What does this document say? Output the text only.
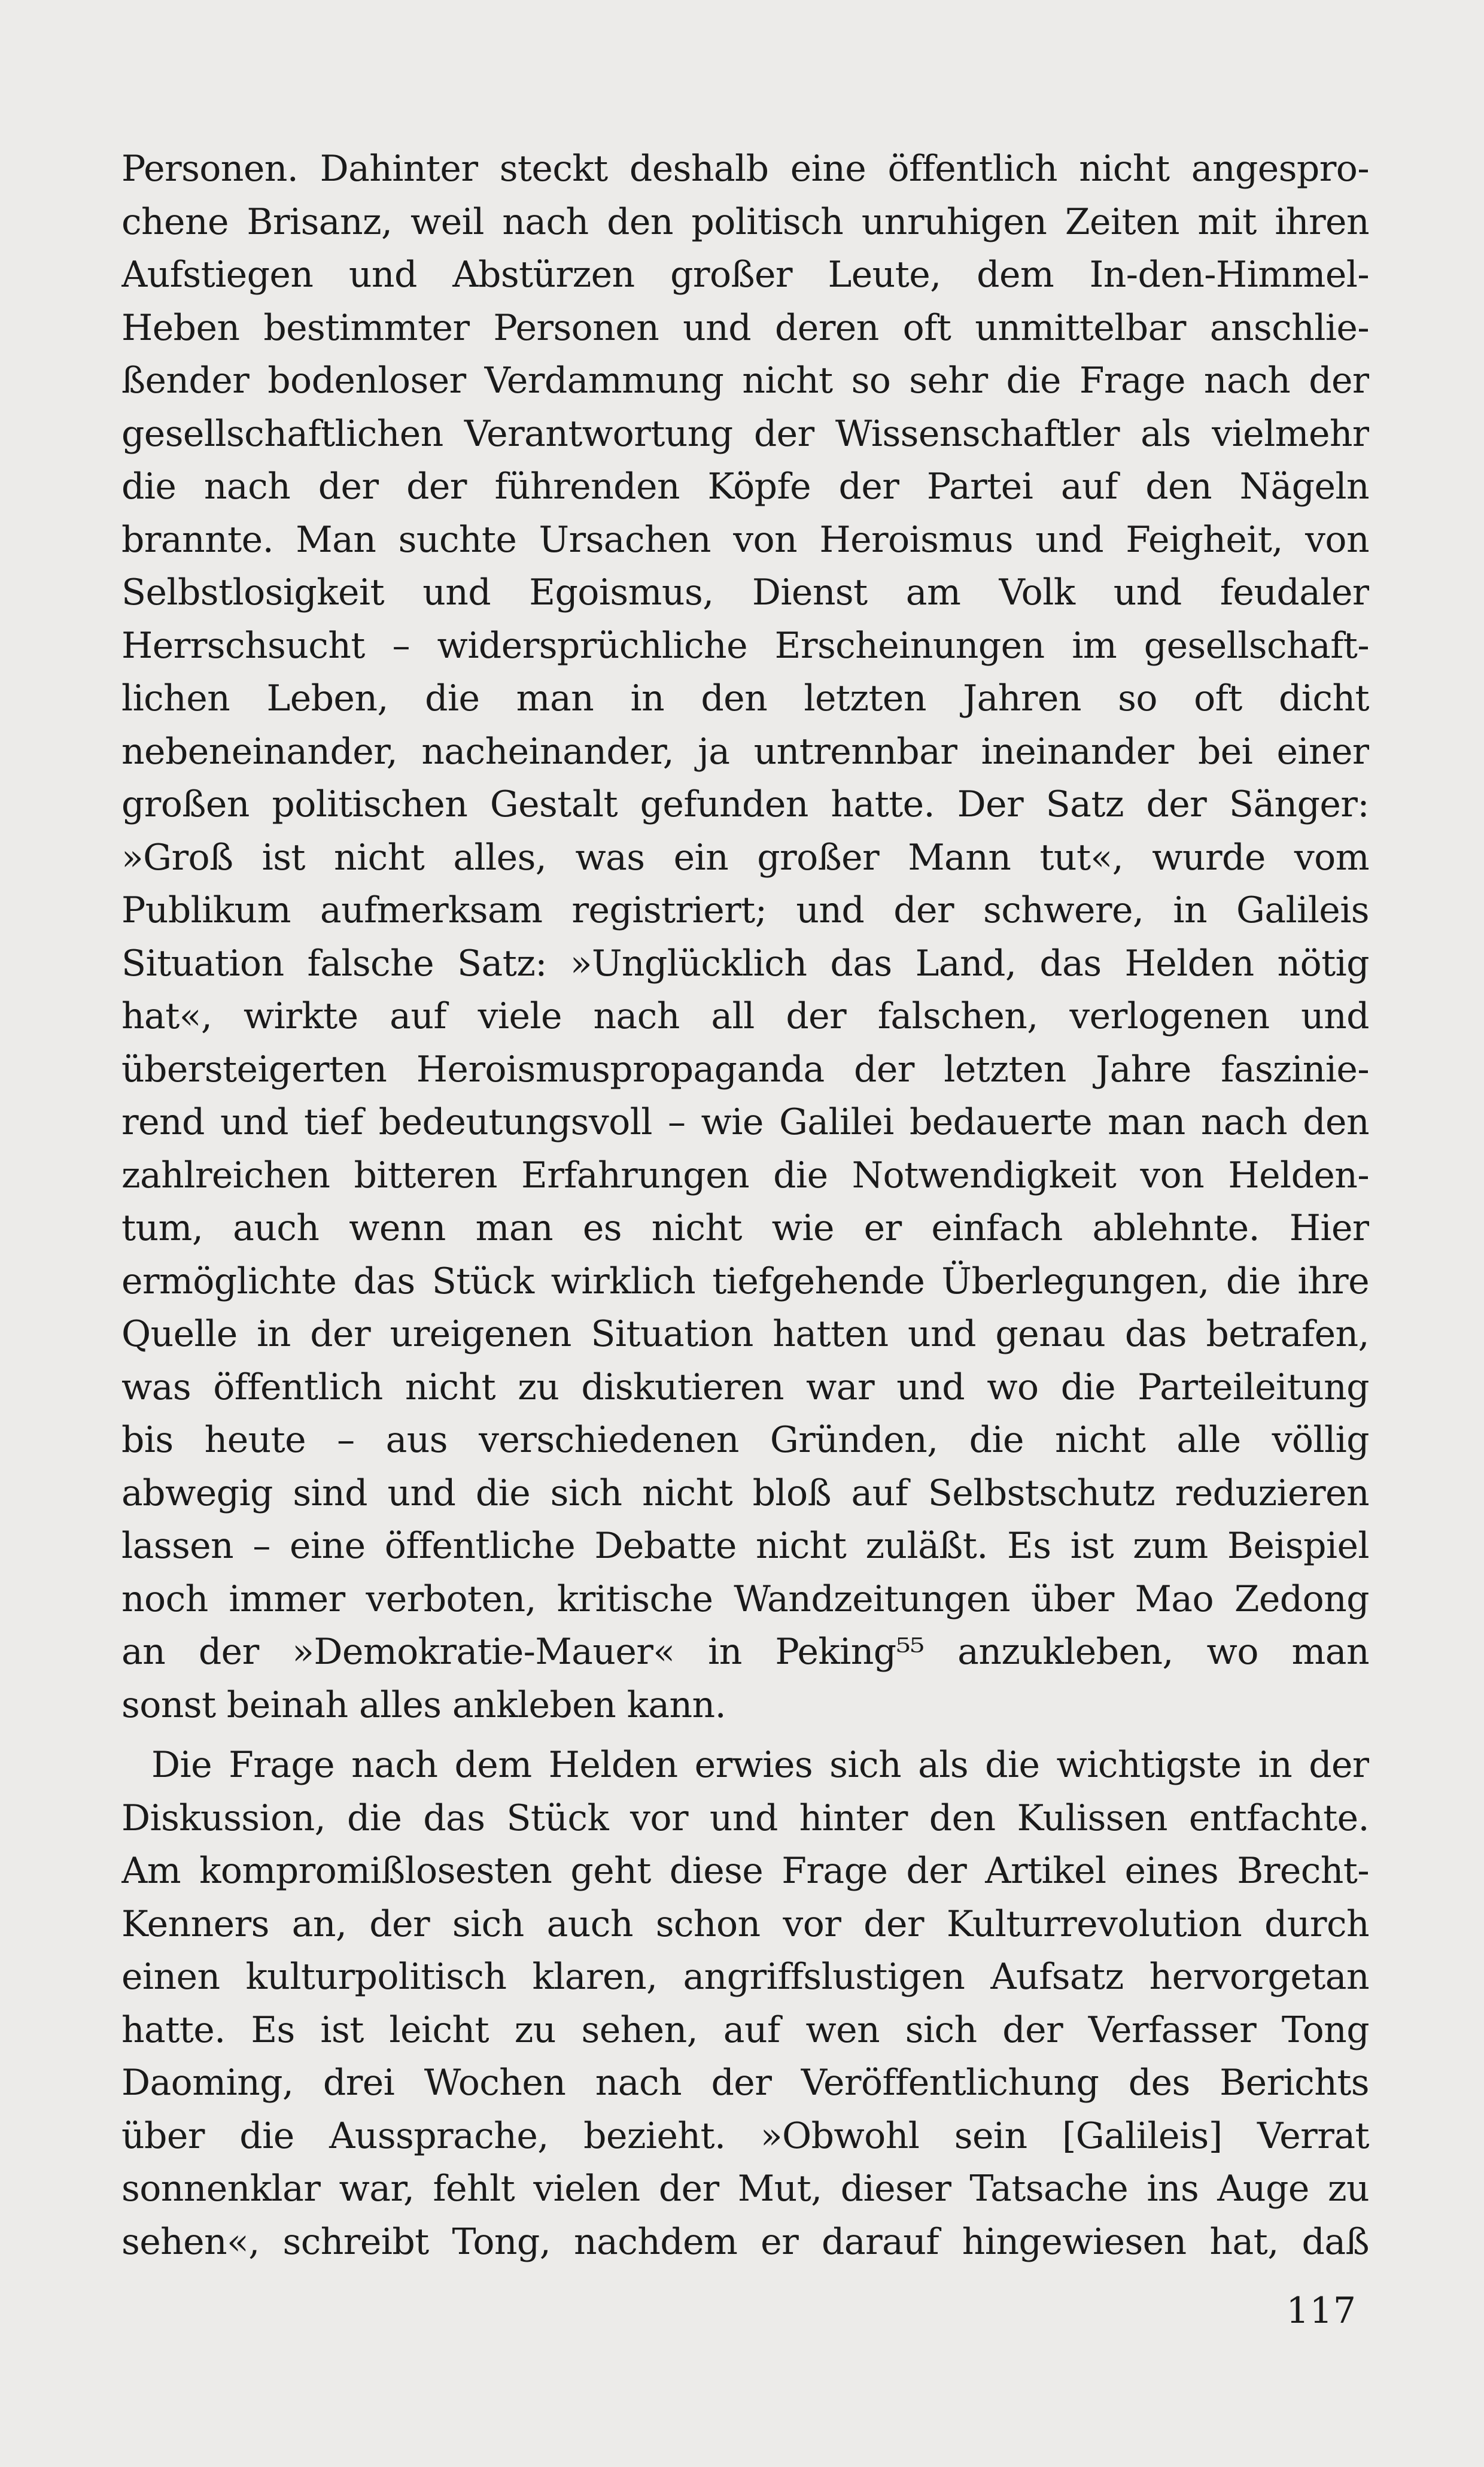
Personen. Dahinter steckt deshalb eine öffentlich nicht angespro-
chene Brisanz, weil nach den politisch unruhigen Zeiten mit ihren
Aufstiegen und Abstürzen großer Leute, dem In-den-Himmel-
Heben bestimmter Personen und deren oft unmittelbar anschlie-
ßender bodenloser Verdammung nicht so sehr die Frage nach der
gesellschaftlichen Verantwortung der Wissenschaftler als vielmehr
die nach der der führenden Köpfe der Partei auf den Nägeln
brannte. Man suchte Ursachen von Heroismus und Feigheit, von
Selbstlosigkeit und Egoismus, Dienst am Volk und feudaler
Herrschsucht – widersprüchliche Erscheinungen im gesellschaft-
lichen Leben, die man in den letzten Jahren so oft dicht
nebeneinander, nacheinander, ja untrennbar ineinander bei einer
großen politischen Gestalt gefunden hatte. Der Satz der Sänger:
»Groß ist nicht alles, was ein großer Mann tut«, wurde vom
Publikum aufmerksam registriert; und der schwere, in Galileis
Situation falsche Satz: »Unglücklich das Land, das Helden nötig
hat«, wirkte auf viele nach all der falschen, verlogenen und
übersteigerten Heroismuspropaganda der letzten Jahre faszinie-
rend und tief bedeutungsvoll – wie Galilei bedauerte man nach den
zahlreichen bitteren Erfahrungen die Notwendigkeit von Helden-
tum, auch wenn man es nicht wie er einfach ablehnte. Hier
ermöglichte das Stück wirklich tiefgehende Überlegungen, die ihre
Quelle in der ureigenen Situation hatten und genau das betrafen,
was öffentlich nicht zu diskutieren war und wo die Parteileitung
bis heute – aus verschiedenen Gründen, die nicht alle völlig
abwegig sind und die sich nicht bloß auf Selbstschutz reduzieren
lassen – eine öffentliche Debatte nicht zuläßt. Es ist zum Beispiel
noch immer verboten, kritische Wandzeitungen über Mao Zedong
an der »Demokratie-Mauer« in Peking⁵⁵ anzukleben, wo man
sonst beinah alles ankleben kann.
Die Frage nach dem Helden erwies sich als die wichtigste in der
Diskussion, die das Stück vor und hinter den Kulissen entfachte.
Am kompromißlosesten geht diese Frage der Artikel eines Brecht-
Kenners an, der sich auch schon vor der Kulturrevolution durch
einen kulturpolitisch klaren, angriffslustigen Aufsatz hervorgetan
hatte. Es ist leicht zu sehen, auf wen sich der Verfasser Tong
Daoming, drei Wochen nach der Veröffentlichung des Berichts
über die Aussprache, bezieht. »Obwohl sein [Galileis] Verrat
sonnenklar war, fehlt vielen der Mut, dieser Tatsache ins Auge zu
sehen«, schreibt Tong, nachdem er darauf hingewiesen hat, daß
117
